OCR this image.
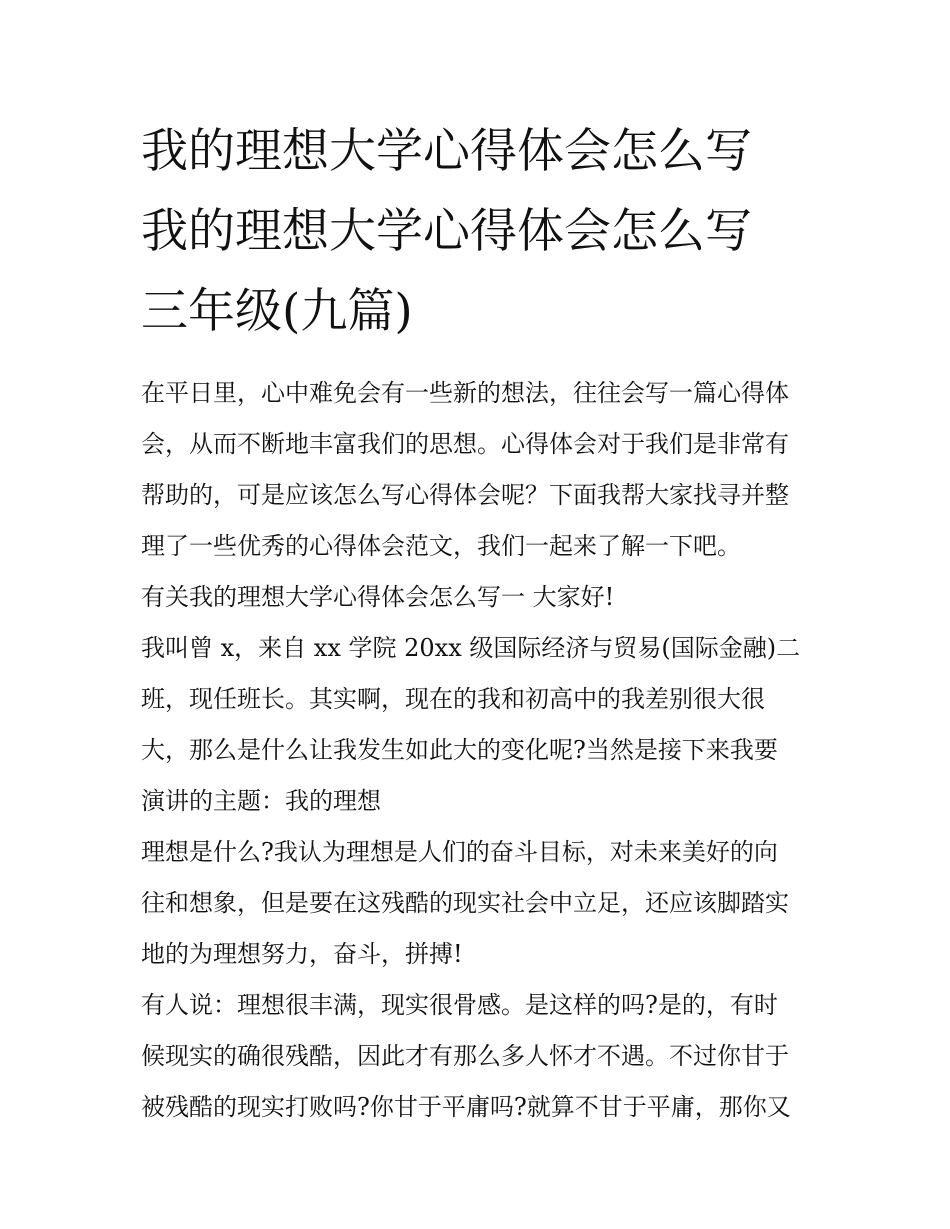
我的理想大学心得体会怎么写
我的理想大学心得体会怎么写
三年级(九篇)
在平日里，心中难免会有一些新的想法，往往会写一篇心得体
会，从而不断地丰富我们的思想。心得体会对于我们是非常有
帮助的，可是应该怎么写心得体会呢？下面我帮大家找寻并整
理了一些优秀的心得体会范文，我们一起来了解一下吧。
有关我的理想大学心得体会怎么写一 大家好!
我叫曾 x，来自 xx 学院 20xx 级国际经济与贸易(国际金融)二
班，现任班长。其实啊，现在的我和初高中的我差别很大很
大，那么是什么让我发生如此大的变化呢?当然是接下来我要
演讲的主题：我的理想
理想是什么?我认为理想是人们的奋斗目标，对未来美好的向
往和想象，但是要在这残酷的现实社会中立足，还应该脚踏实
地的为理想努力，奋斗，拼搏!
有人说：理想很丰满，现实很骨感。是这样的吗?是的，有时
候现实的确很残酷，因此才有那么多人怀才不遇。不过你甘于
被残酷的现实打败吗?你甘于平庸吗?就算不甘于平庸，那你又
